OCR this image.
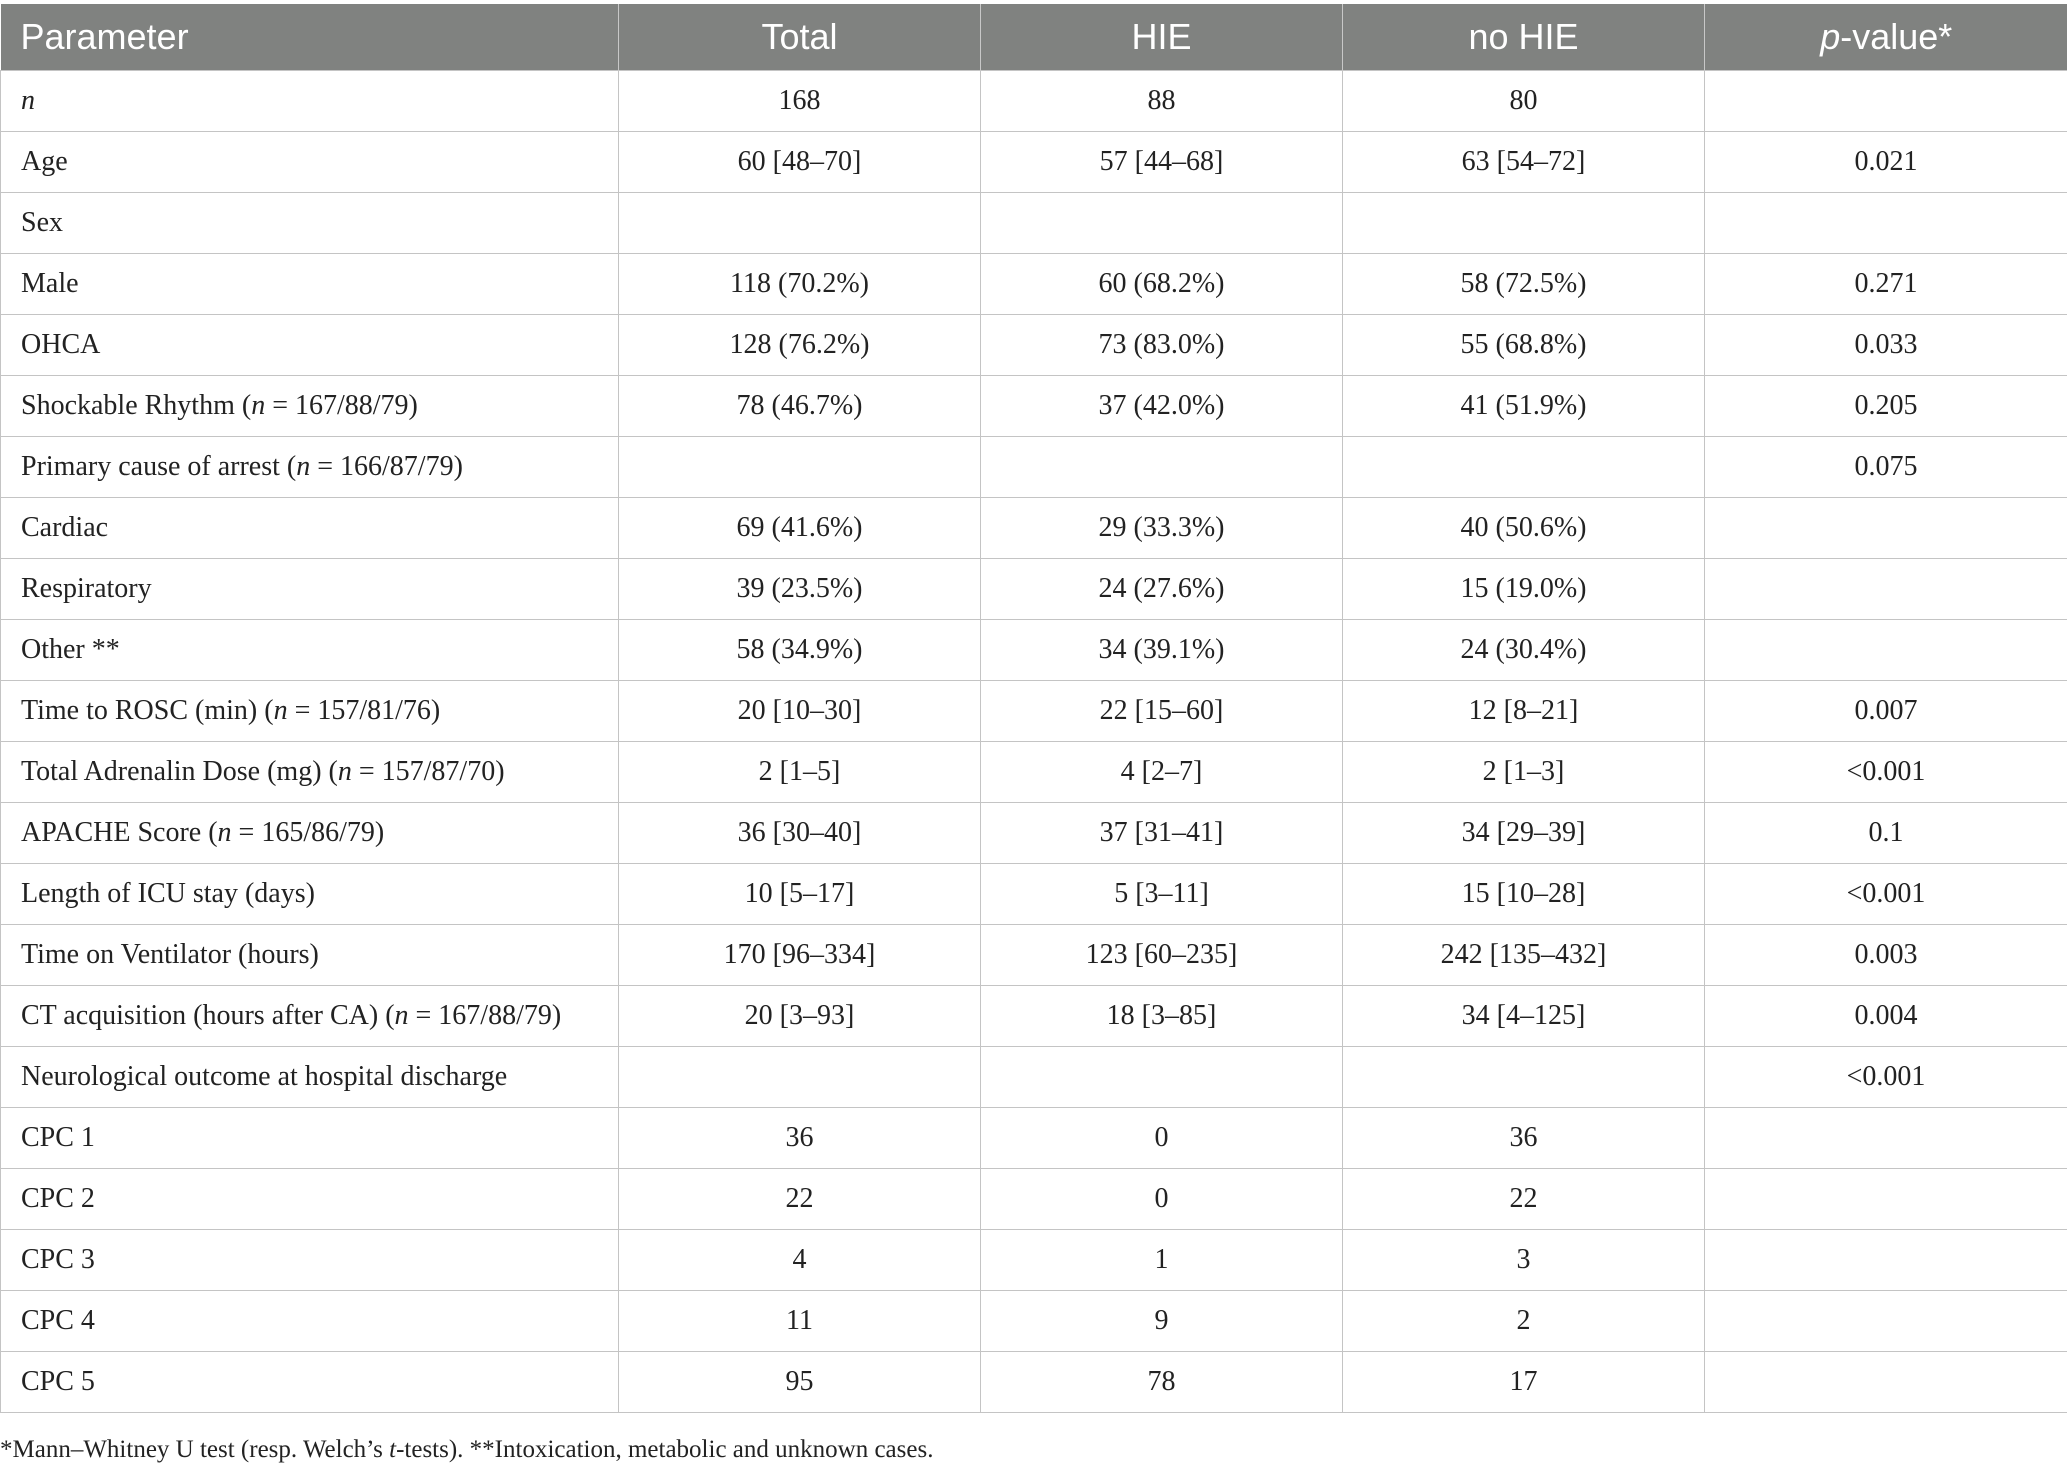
Parameter	Total	HIE	no HIE	p-value*
n	168	88	80	
Age	60 [48–70]	57 [44–68]	63 [54–72]	0.021
Sex				
Male	118 (70.2%)	60 (68.2%)	58 (72.5%)	0.271
OHCA	128 (76.2%)	73 (83.0%)	55 (68.8%)	0.033
Shockable Rhythm (n = 167/88/79)	78 (46.7%)	37 (42.0%)	41 (51.9%)	0.205
Primary cause of arrest (n = 166/87/79)				0.075
Cardiac	69 (41.6%)	29 (33.3%)	40 (50.6%)	
Respiratory	39 (23.5%)	24 (27.6%)	15 (19.0%)	
Other **	58 (34.9%)	34 (39.1%)	24 (30.4%)	
Time to ROSC (min) (n = 157/81/76)	20 [10–30]	22 [15–60]	12 [8–21]	0.007
Total Adrenalin Dose (mg) (n = 157/87/70)	2 [1–5]	4 [2–7]	2 [1–3]	<0.001
APACHE Score (n = 165/86/79)	36 [30–40]	37 [31–41]	34 [29–39]	0.1
Length of ICU stay (days)	10 [5–17]	5 [3–11]	15 [10–28]	<0.001
Time on Ventilator (hours)	170 [96–334]	123 [60–235]	242 [135–432]	0.003
CT acquisition (hours after CA) (n = 167/88/79)	20 [3–93]	18 [3–85]	34 [4–125]	0.004
Neurological outcome at hospital discharge				<0.001
CPC 1	36	0	36	
CPC 2	22	0	22	
CPC 3	4	1	3	
CPC 4	11	9	2	
CPC 5	95	78	17	
*Mann–Whitney U test (resp. Welch’s t-tests). **Intoxication, metabolic and unknown cases.
